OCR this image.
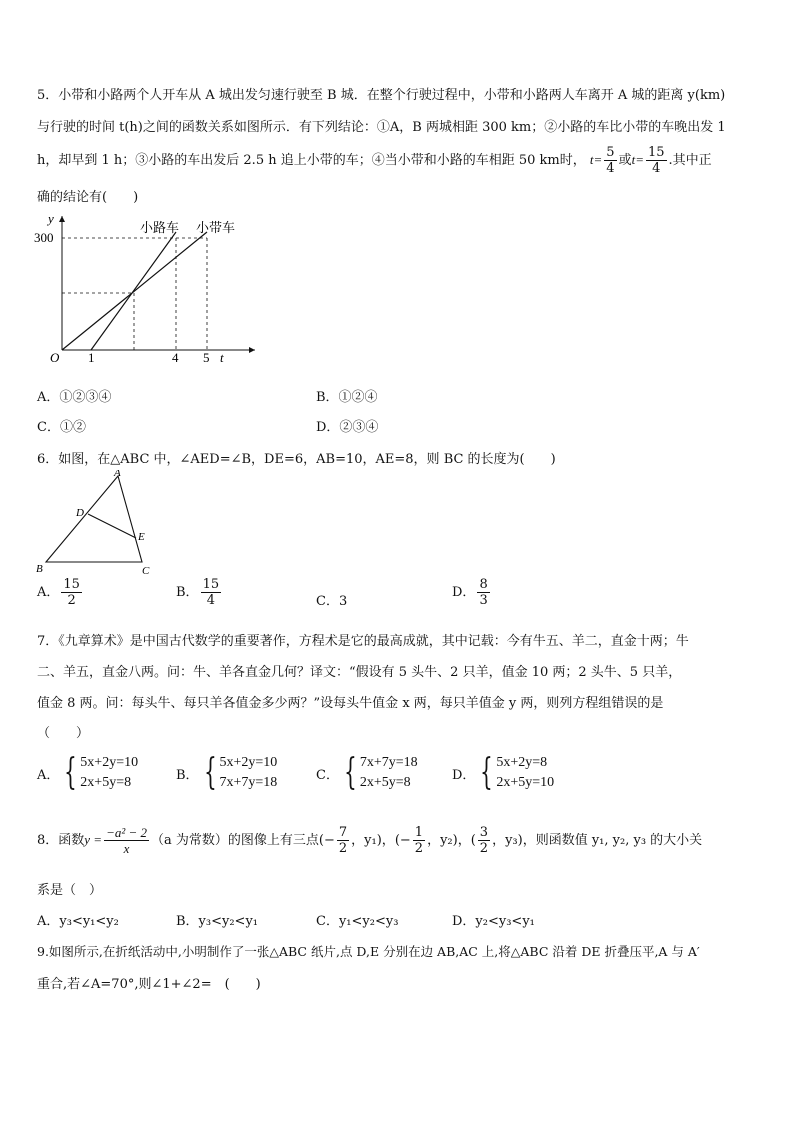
5．小带和小路两个人开车从 A 城出发匀速行驶至 B 城．在整个行驶过程中，小带和小路两人车离开 A 城的距离 y(km)
与行驶的时间 t(h)之间的函数关系如图所示．有下列结论：①A，B 两城相距 300 km；②小路的车比小带的车晚出发 1
h，却早到 1 h；③小路的车出发后 2.5 h 追上小带的车；④当小带和小路的车相距 50 km时， $t= \frac{5}{4}$ 或$t= \frac{15}{4}$ .其中正
确的结论有(　　)
y
t
O
300
1	4 5
小路车 小带车
A．①②③④	B．①②④
C．①②	D．②③④
6．如图，在△ABC 中，∠AED=∠B，DE=6，AB=10，AE=8，则 BC 的长度为(　　)
A
B	C
D
E
A． $\frac{15}{2}$	B． $\frac{15}{4}$	C．3
D． $\frac{8}{3}$
7．《九章算术》是中国古代数学的重要著作，方程术是它的最高成就，其中记载：今有牛五、羊二，直金十两；牛
二、羊五，直金八两。问：牛、羊各直金几何？译文：“假设有 5 头牛、2 只羊，值金 10 两；2 头牛、5 只羊，
值金 8 两。问：每头牛、每只羊各值金多少两？”设每头牛值金 x 两，每只羊值金 y 两，则列方程组错误的是
（　　）
A． { 5x+2y=10
2x+5y=8	B． { 5x+2y=10
7x+7y=18	C． { 7x+7y=18
2x+5y=8	D． { 5x+2y=8
2x+5y=10
8．函数$y = \frac{\text{−a² − 2}}{x} (a$ 为常数）的图像上有三点(− $\frac{7}{2}$ ，y₁)，(− $\frac{1}{2}$ ，y₂)，( $\frac{3}{2}$ ，y₃)，则函数值 y₁, y₂, y₃ 的大小关
系是（　）
A．y₃<y₁<y₂	B．y₃<y₂<y₁	C．y₁<y₂<y₃	D．y₂<y₃<y₁
9.如图所示,在折纸活动中,小明制作了一张△ABC 纸片,点 D,E 分别在边 AB,AC 上,将△ABC 沿着 DE 折叠压平,A 与 A′
重合,若∠A=70°,则∠1+∠2=　(　　)
